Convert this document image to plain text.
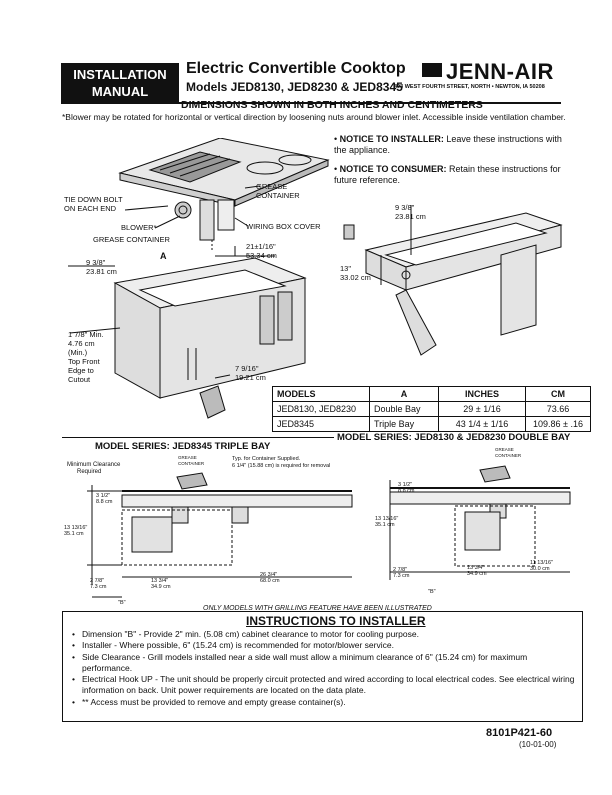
INSTALLATION
MANUAL
Electric Convertible Cooktop
Models JED8130, JED8230 & JED8345
JENN-AIR
403 WEST FOURTH STREET, NORTH • NEWTON, IA 50208
DIMENSIONS SHOWN IN BOTH INCHES AND CENTIMETERS
*Blower may be rotated for horizontal or vertical direction by loosening nuts around blower inlet. Accessible inside ventilation chamber.
• NOTICE TO INSTALLER: Leave these instructions with the appliance.
• NOTICE TO CONSUMER: Retain these instructions for future reference.
TIE DOWN BOLT
ON EACH END
GREASE
CONTAINER
BLOWER*
GREASE CONTAINER
WIRING BOX COVER
21±1/16"
53.34 cm
A
9 3/8"
23.81 cm
1 7/8" Min.
4.76 cm
(Min.)
Top Front
Edge to
Cutout
7 9/16"
19.21 cm
9 3/8"
23.81 cm
13"
33.02 cm
MODELS	A	INCHES	CM
JED8130, JED8230	Double Bay	29 ± 1/16	73.66
JED8345	Triple Bay	43 1/4 ± 1/16	109.86 ± .16
MODEL SERIES: JED8345 TRIPLE BAY
MODEL SERIES: JED8130 & JED8230 DOUBLE BAY
Minimum Clearance
Required
GREASE
CONTAINER
Typ. for Container Supplied.
6 1/4" (15.88 cm) is required for removal
3 1/2"
8.8 cm
13 13/16"
35.1 cm
2 7/8"
7.3 cm
13 3/4"
34.9 cm
26 3/4"
68.0 cm
"B"
GREASE
CONTAINER
3 1/2"
8.8 cm
13 13/16"
35.1 cm
2 7/8"
7.3 cm
13 3/4"
34.9 cm
11 13/16"
30.0 cm
"B"
ONLY MODELS WITH GRILLING FEATURE HAVE BEEN ILLUSTRATED
INSTRUCTIONS TO INSTALLER
• Dimension "B" - Provide 2" min. (5.08 cm) cabinet clearance to motor for cooling purpose.
• Installer - Where possible, 6" (15.24 cm) is recommended for motor/blower service.
• Side Clearance - Grill models installed near a side wall must allow a minimum clearance of 6" (15.24 cm) for maximum performance.
• Electrical Hook UP - The unit should be properly circuit protected and wired according to local electrical codes. See electrical wiring information on back. Unit power requirements are located on the data plate.
• ** Access must be provided to remove and empty grease container(s).
8101P421-60
(10-01-00)
